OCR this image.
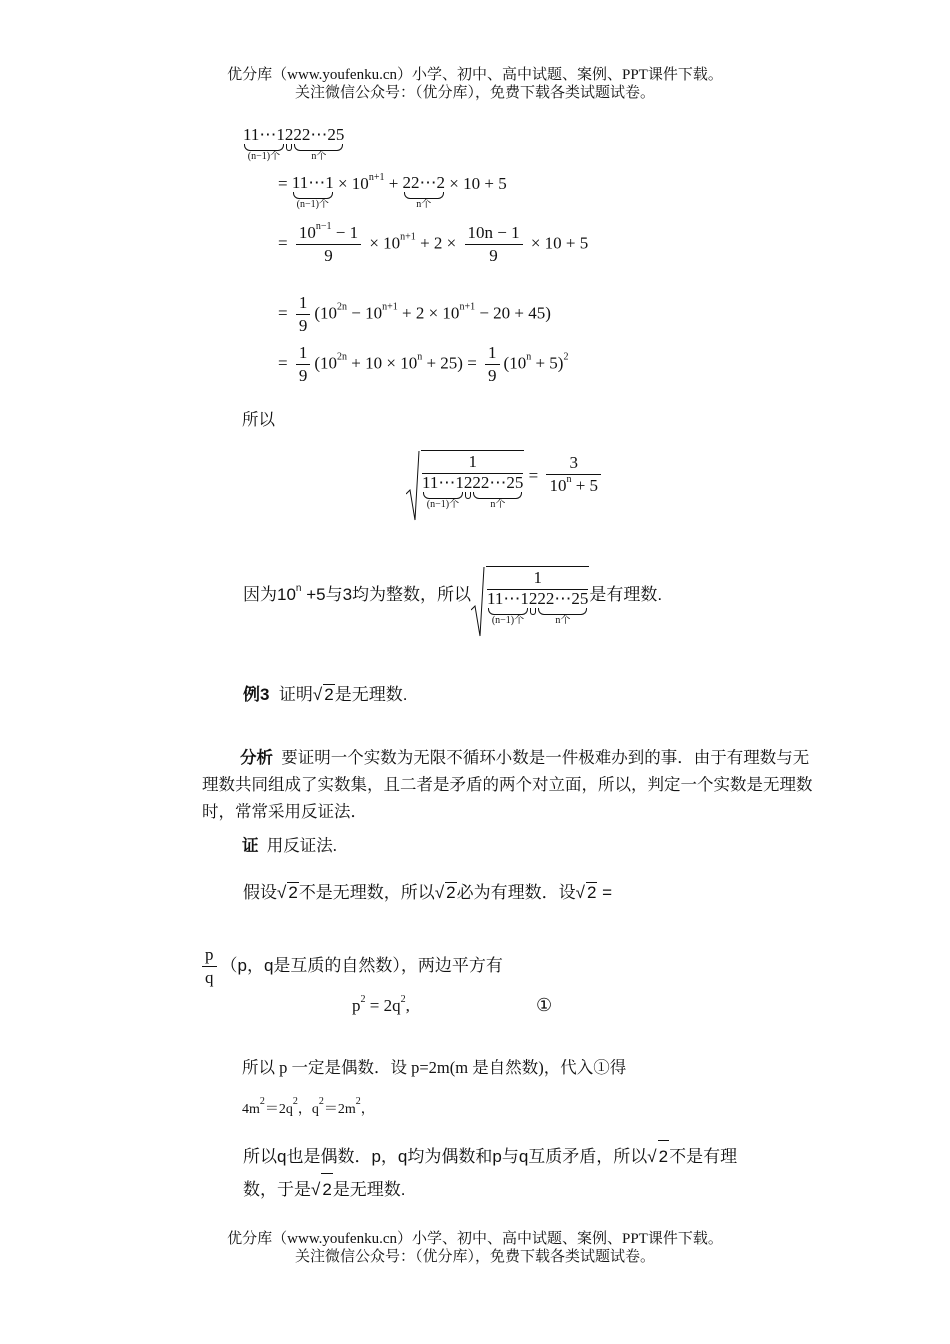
优分库（www.youfenku.cn）小学、初中、高中试题、案例、PPT课件下载。
关注微信公众号：（优分库），免费下载各类试题试卷。
11⋯1
(n−1)个
2 22⋯25
n个
= 11⋯1
(n−1)个
× $10^{n+1}$ + 22⋯2
n个
× 10 + 5
= $\frac{10^{n-1} - 1}{9} \times 10^{n+1} + 2 \times \frac{10n - 1}{9} \times 10 + 5$
= $\frac{1}{9} (10^{2n} - 10^{n+1} + 2 \times 10^{n+1} - 20 + 45)$
= $\frac{1}{9} (10^{2n} + 10 \times 10^n + 25) = \frac{1}{9} (10^n + 5)^2$
所以
1
11⋯1
(n−1)个
2 22⋯25
n个
= $\frac{3}{10^n + 5}$
因为$10^n +5$与3均为整数，所以
1
11⋯1
(n−1)个
2 22⋯25
n个
是有理数.
例3 证明√ 2是无理数.
分析 要证明一个实数为无限不循环小数是一件极难办到的事．由于有理数与无理数共同组成了实数集，且二者是矛盾的两个对立面，所以，判定一个实数是无理数时，常常采用反证法．
证 用反证法.
假设√ 2不是无理数，所以√ 2必为有理数．设√ 2 =
$\frac{p}{q} (p$，q是互质的自然数），两边平方有
$p^2 = 2q^2$,	①
所以 p 一定是偶数．设 p=2m(m 是自然数)，代入①得
$4m^2=2q^2$，$q^2=2m^2$，
所以q也是偶数．p，q均为偶数和p与q互质矛盾，所以√ 2不是有理
数，于是√ 2是无理数.
优分库（www.youfenku.cn）小学、初中、高中试题、案例、PPT课件下载。
关注微信公众号：（优分库），免费下载各类试题试卷。
